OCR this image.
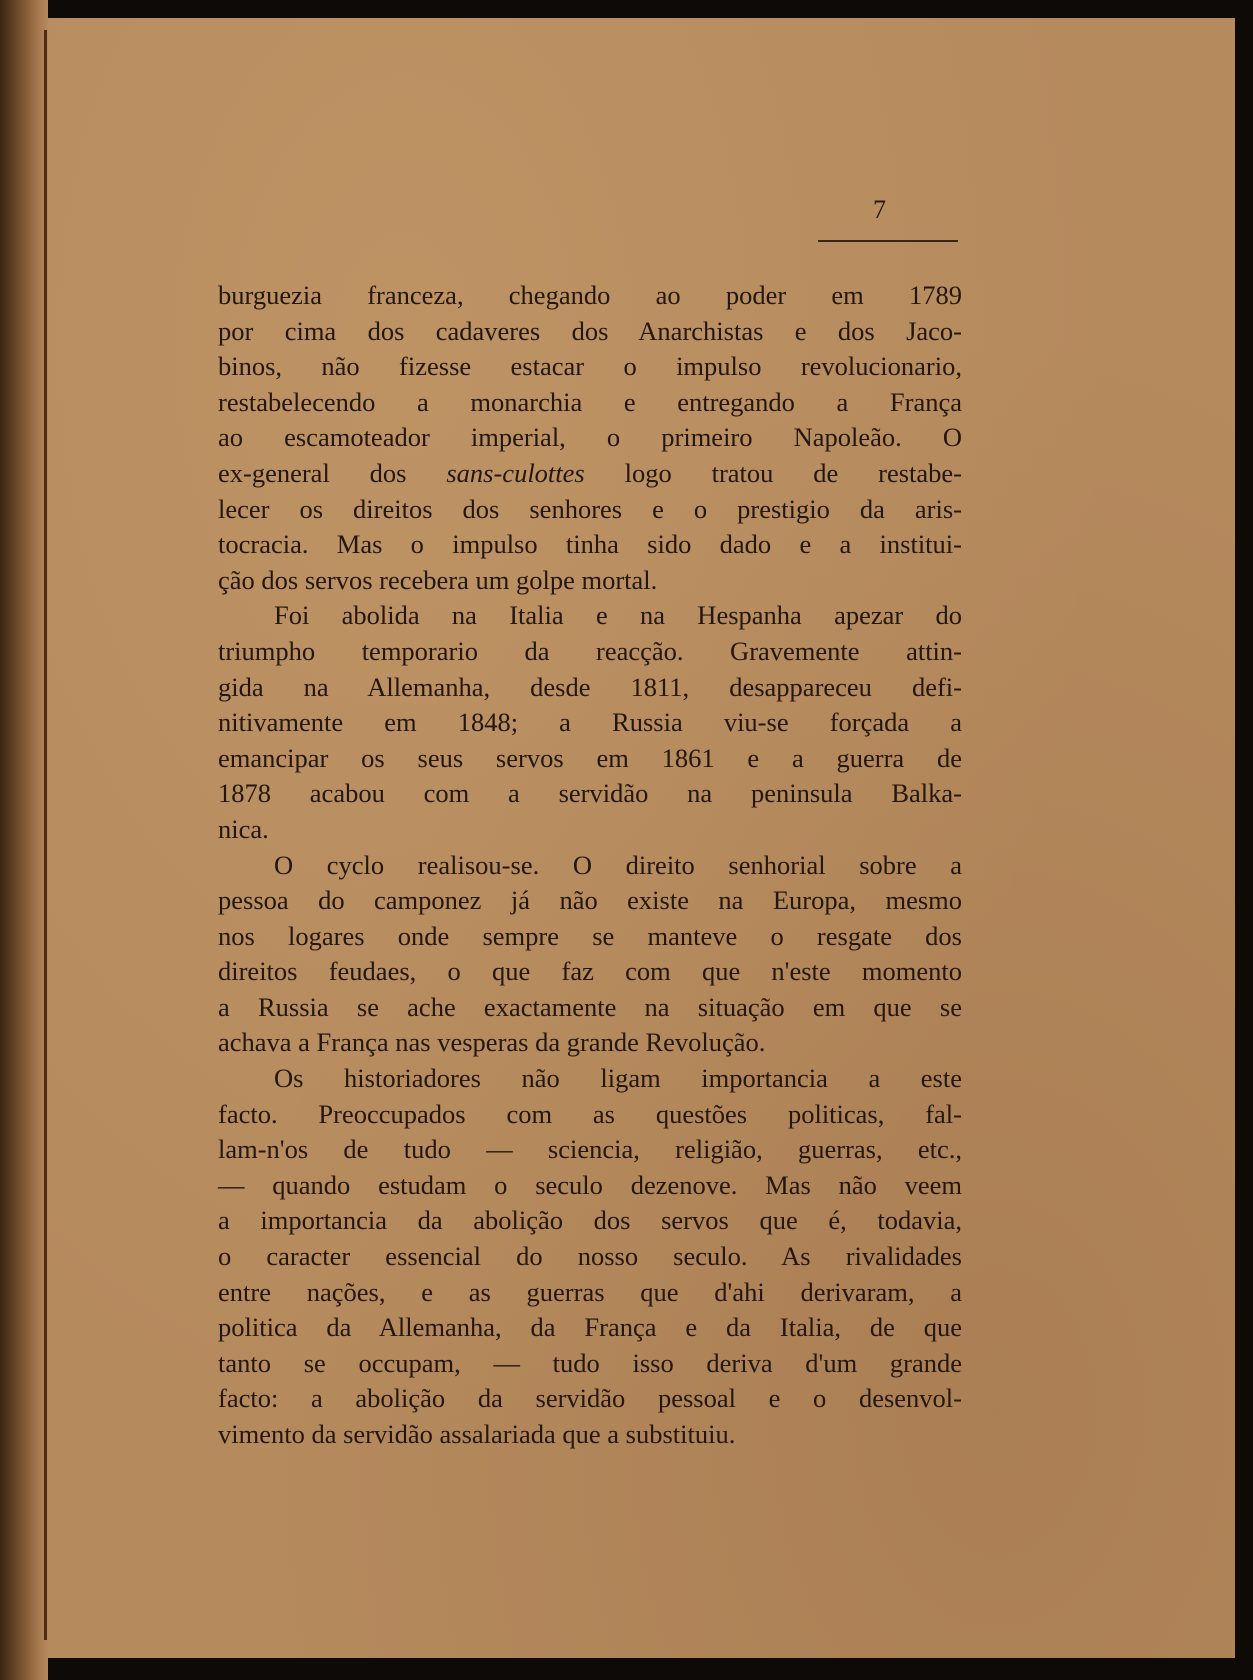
7

burguezia franceza, chegando ao poder em 1789
por cima dos cadaveres dos Anarchistas e dos Jaco-
binos, não fizesse estacar o impulso revolucionario,
restabelecendo a monarchia e entregando a França
ao escamoteador imperial, o primeiro Napoleão. O
ex-general dos sans-culottes logo tratou de restabe-
lecer os direitos dos senhores e o prestigio da aris-
tocracia. Mas o impulso tinha sido dado e a institui-
ção dos servos recebera um golpe mortal.

Foi abolida na Italia e na Hespanha apezar do
triumpho temporario da reacção. Gravemente attin-
gida na Allemanha, desde 1811, desappareceu defi-
nitivamente em 1848; a Russia viu-se forçada a
emancipar os seus servos em 1861 e a guerra de
1878 acabou com a servidão na peninsula Balka-
nica.

O cyclo realisou-se. O direito senhorial sobre a
pessoa do camponez já não existe na Europa, mesmo
nos logares onde sempre se manteve o resgate dos
direitos feudaes, o que faz com que n'este momento
a Russia se ache exactamente na situação em que se
achava a França nas vesperas da grande Revolução.

Os historiadores não ligam importancia a este
facto. Preoccupados com as questões politicas, fal-
lam-n'os de tudo — sciencia, religião, guerras, etc.,
— quando estudam o seculo dezenove. Mas não veem
a importancia da abolição dos servos que é, todavia,
o caracter essencial do nosso seculo. As rivalidades
entre nações, e as guerras que d'ahi derivaram, a
politica da Allemanha, da França e da Italia, de que
tanto se occupam, — tudo isso deriva d'um grande
facto: a abolição da servidão pessoal e o desenvol-
vimento da servidão assalariada que a substituiu.
